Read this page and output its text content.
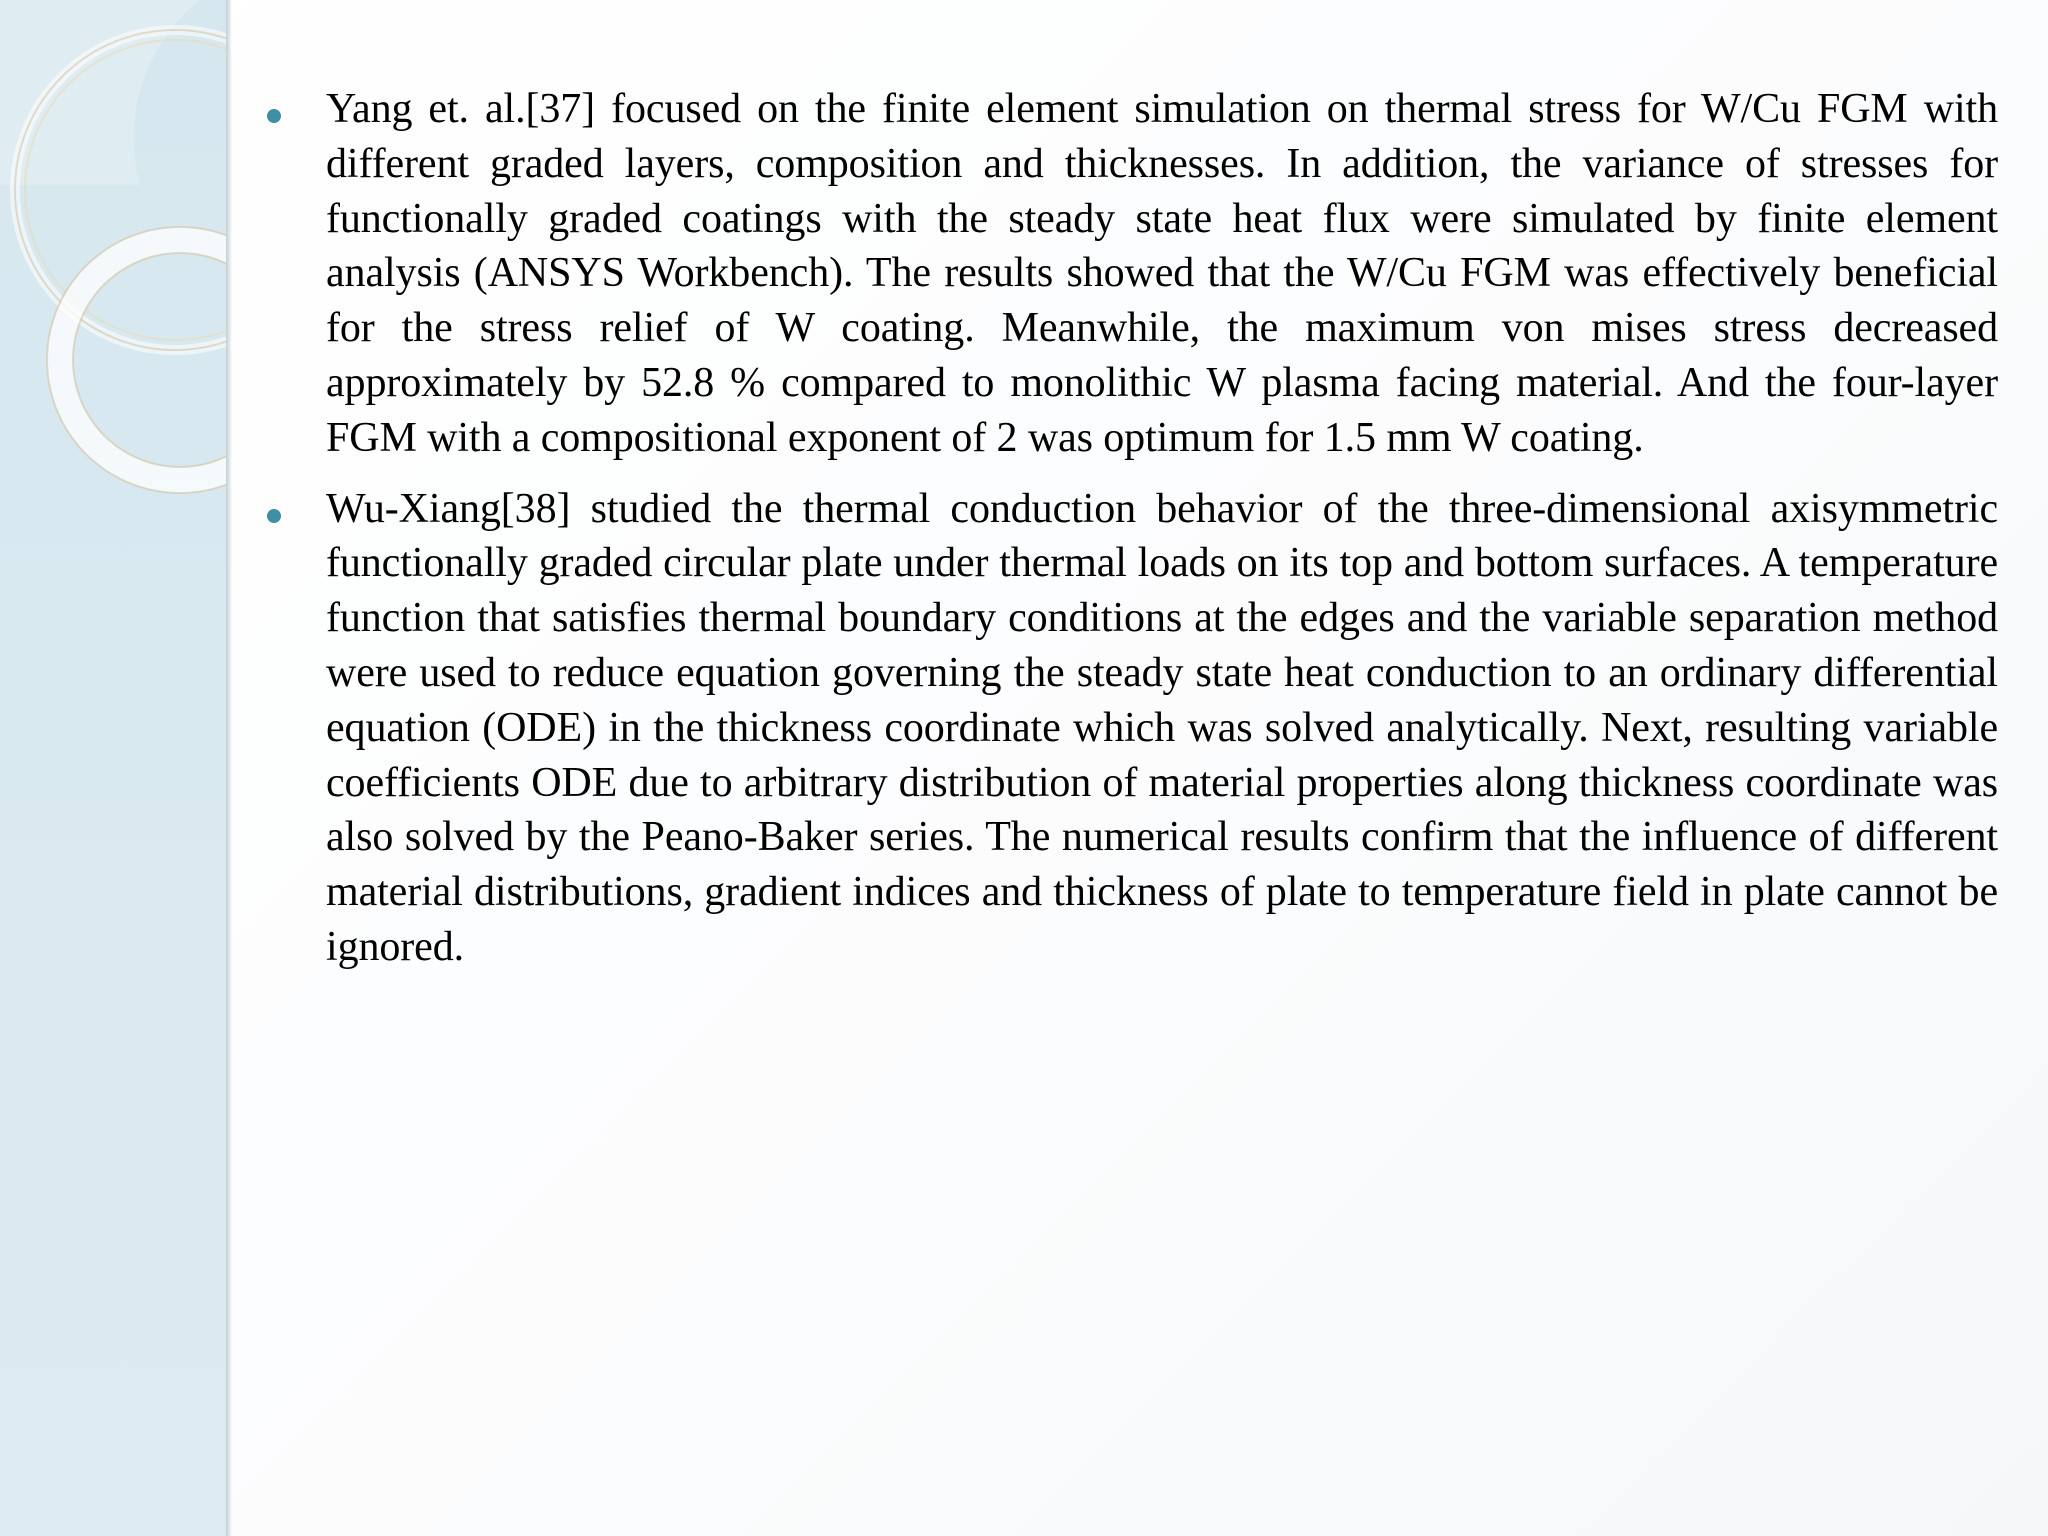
Yang et. al.[37] focused on the finite element simulation on thermal stress for W/Cu FGM with different graded layers, composition and thicknesses. In addition, the variance of stresses for functionally graded coatings with the steady state heat flux were simulated by finite element analysis (ANSYS Workbench). The results showed that the W/Cu FGM was effectively beneficial for the stress relief of W coating. Meanwhile, the maximum von mises stress decreased approximately by 52.8 % compared to monolithic W plasma facing material. And the four-layer FGM with a compositional exponent of 2 was optimum for 1.5 mm W coating.
Wu-Xiang[38] studied the thermal conduction behavior of the three-dimensional axisymmetric functionally graded circular plate under thermal loads on its top and bottom surfaces. A temperature function that satisfies thermal boundary conditions at the edges and the variable separation method were used to reduce equation governing the steady state heat conduction to an ordinary differential equation (ODE) in the thickness coordinate which was solved analytically. Next, resulting variable coefficients ODE due to arbitrary distribution of material properties along thickness coordinate was also solved by the Peano-Baker series. The numerical results confirm that the influence of different material distributions, gradient indices and thickness of plate to temperature field in plate cannot be ignored.
